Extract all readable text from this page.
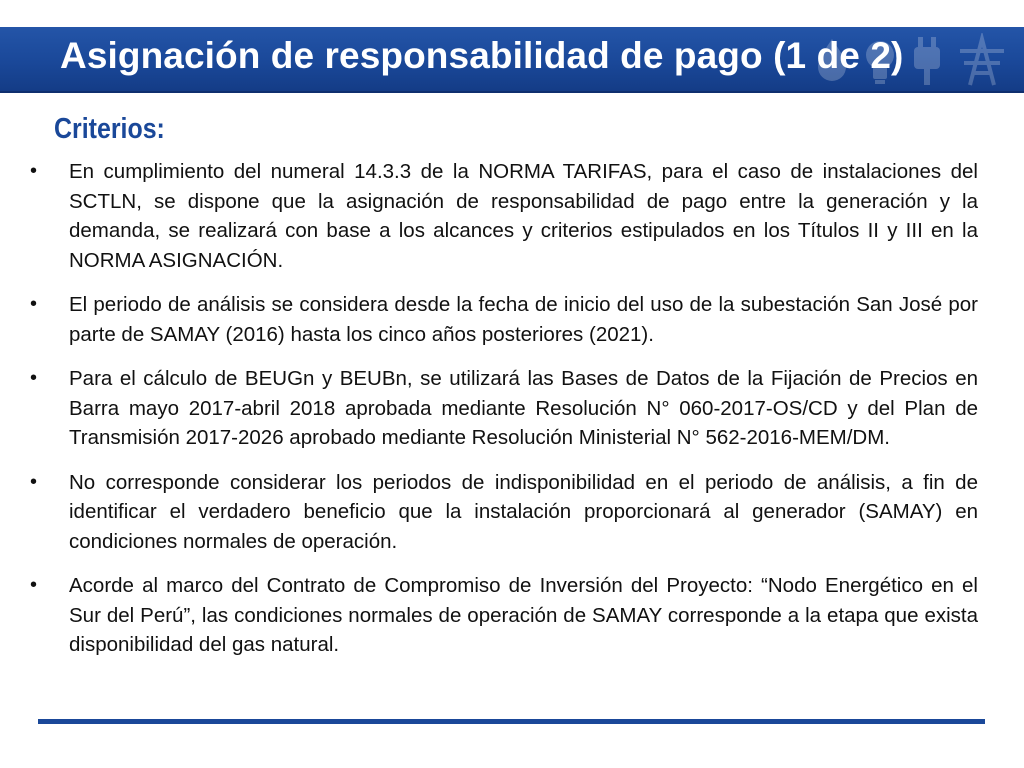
Asignación de responsabilidad de pago (1 de 2)
Criterios:
• En cumplimiento del numeral 14.3.3 de la NORMA TARIFAS, para el caso de instalaciones del SCTLN, se dispone que la asignación de responsabilidad de pago entre la generación y la demanda, se realizará con base a los alcances y criterios estipulados en los Títulos II y III en la NORMA ASIGNACIÓN.
• El periodo de análisis se considera desde la fecha de inicio del uso de la subestación San José por parte de SAMAY (2016) hasta los cinco años posteriores (2021).
• Para el cálculo de BEUGn y BEUBn, se utilizará las Bases de Datos de la Fijación de Precios en Barra mayo 2017-abril 2018 aprobada mediante Resolución N° 060-2017-OS/CD y del Plan de Transmisión 2017-2026 aprobado mediante Resolución Ministerial N° 562-2016-MEM/DM.
• No corresponde considerar los periodos de indisponibilidad en el periodo de análisis, a fin de identificar el verdadero beneficio que la instalación proporcionará al generador (SAMAY) en condiciones normales de operación.
• Acorde al marco del Contrato de Compromiso de Inversión del Proyecto: “Nodo Energético en el Sur del Perú”, las condiciones normales de operación de SAMAY corresponde a la etapa que exista disponibilidad del gas natural.
